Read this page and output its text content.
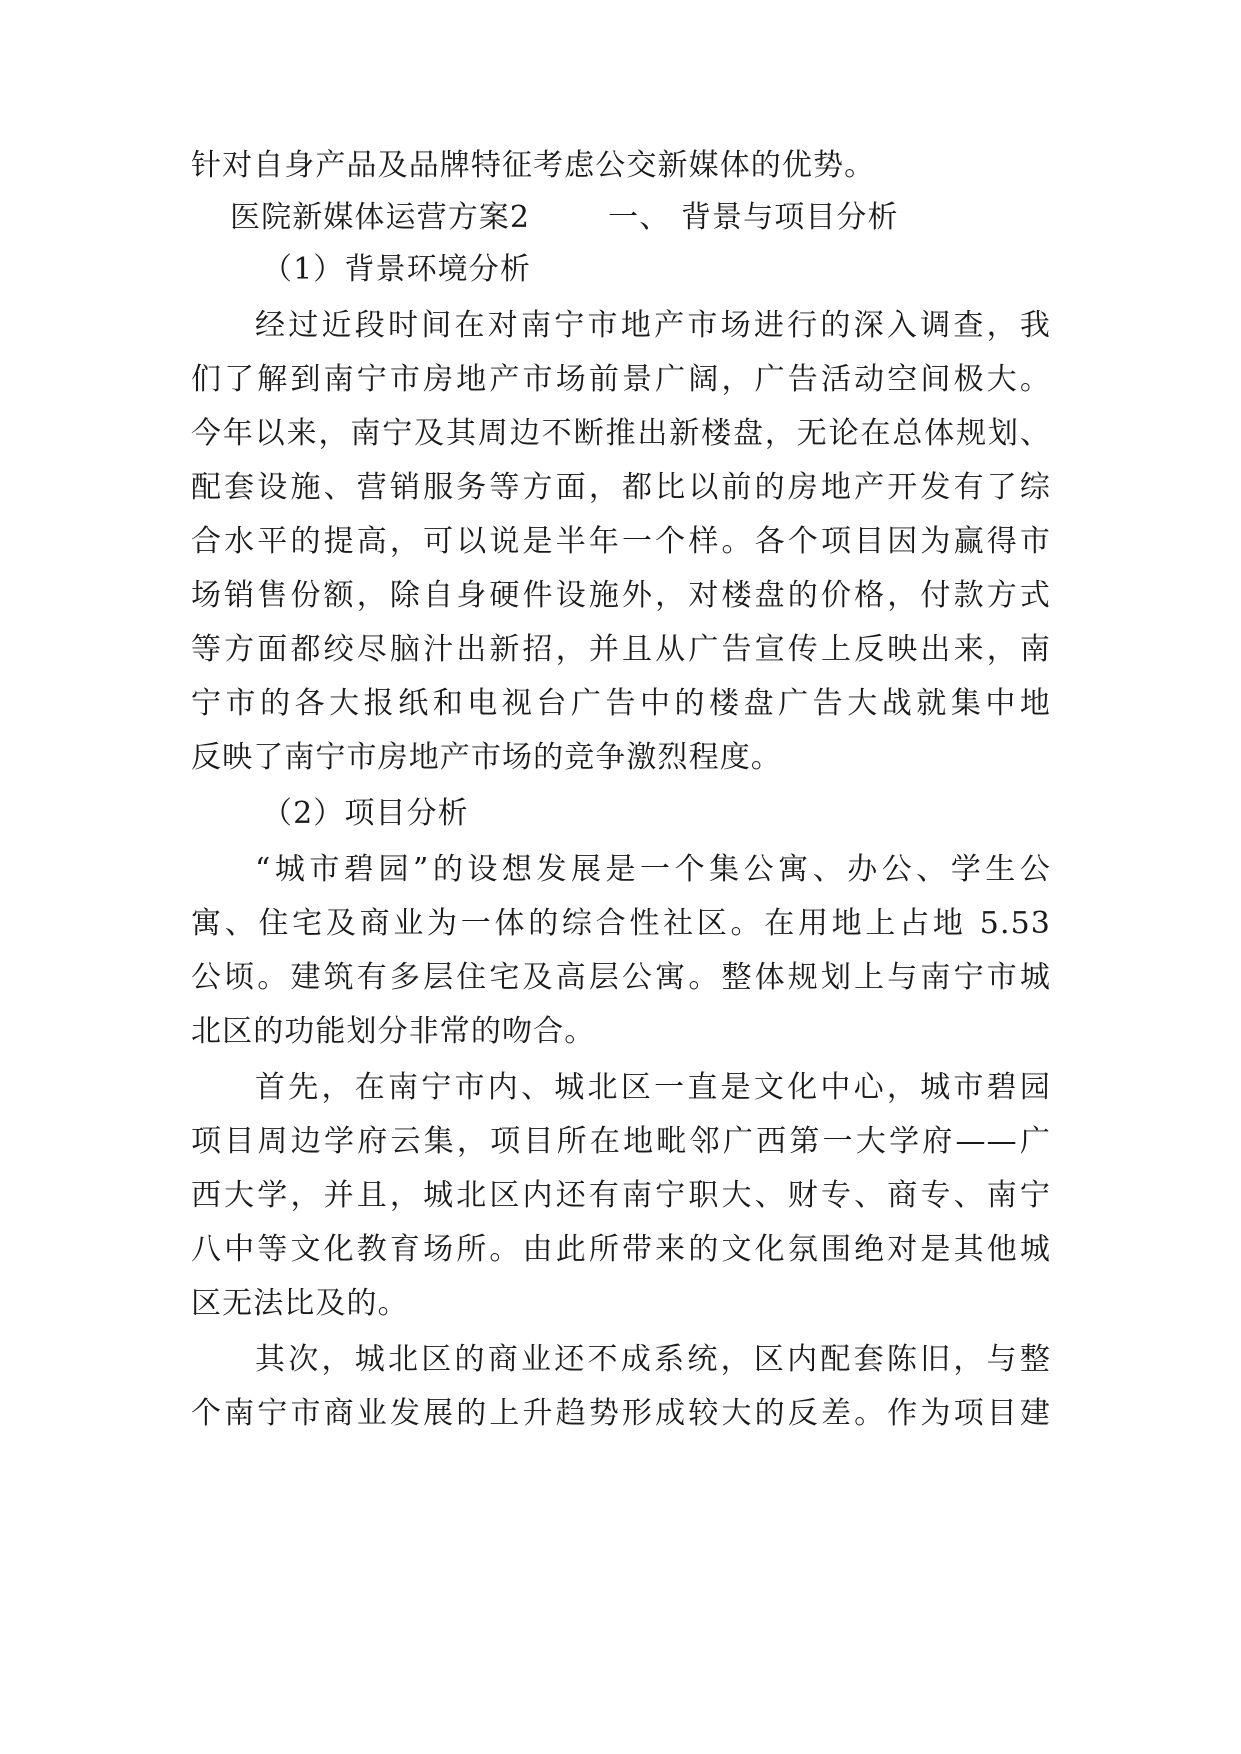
针对自身产品及品牌特征考虑公交新媒体的优势。
医院新媒体运营方案2	一、 背景与项目分析
（1）背景环境分析
经过近段时间在对南宁市地产市场进行的深入调查，我
们了解到南宁市房地产市场前景广阔，广告活动空间极大。
今年以来，南宁及其周边不断推出新楼盘，无论在总体规划、
配套设施、营销服务等方面，都比以前的房地产开发有了综
合水平的提高，可以说是半年一个样。各个项目因为赢得市
场销售份额，除自身硬件设施外，对楼盘的价格，付款方式
等方面都绞尽脑汁出新招，并且从广告宣传上反映出来，南
宁市的各大报纸和电视台广告中的楼盘广告大战就集中地
反映了南宁市房地产市场的竞争激烈程度。
（2）项目分析
“城市碧园”的设想发展是一个集公寓、办公、学生公
寓、住宅及商业为一体的综合性社区。在用地上占地 5.53
公顷。建筑有多层住宅及高层公寓。整体规划上与南宁市城
北区的功能划分非常的吻合。
首先，在南宁市内、城北区一直是文化中心，城市碧园
项目周边学府云集，项目所在地毗邻广西第一大学府——广
西大学，并且，城北区内还有南宁职大、财专、商专、南宁
八中等文化教育场所。由此所带来的文化氛围绝对是其他城
区无法比及的。
其次，城北区的商业还不成系统，区内配套陈旧，与整
个南宁市商业发展的上升趋势形成较大的反差。作为项目建
